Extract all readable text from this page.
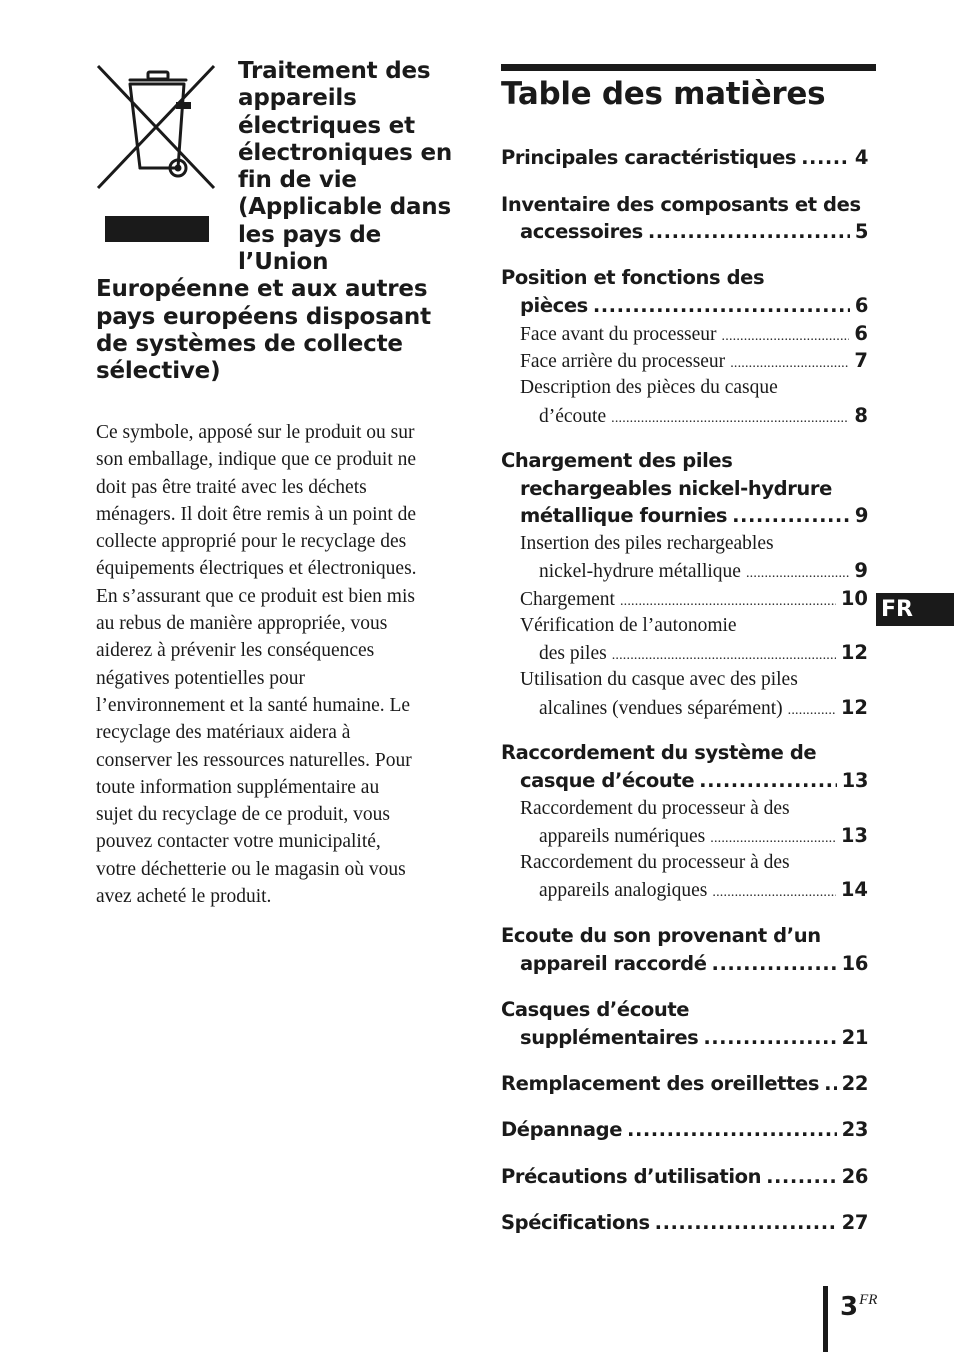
Traitement des
appareils
électriques et
électroniques en
fin de vie
(Applicable dans
les pays de
l’Union
Européenne et aux autres
pays européens disposant
de systèmes de collecte
sélective)
Ce symbole, apposé sur le produit ou sur
son emballage, indique que ce produit ne
doit pas être traité avec les déchets
ménagers. Il doit être remis à un point de
collecte approprié pour le recyclage des
équipements électriques et électroniques.
En s’assurant que ce produit est bien mis
au rebus de manière appropriée, vous
aiderez à prévenir les conséquences
négatives potentielles pour
l’environnement et la santé humaine. Le
recyclage des matériaux aidera à
conserver les ressources naturelles. Pour
toute information supplémentaire au
sujet du recyclage de ce produit, vous
pouvez contacter votre municipalité,
votre déchetterie ou le magasin où vous
avez acheté le produit.
Table des matières
Principales caractéristiques .....	4
Inventaire des composants et des
accessoires .....	5
Position et fonctions des
pièces .....	6
Face avant du processeur .....	6
Face arrière du processeur .....	7
Description des pièces du casque
d’écoute .....	8
Chargement des piles
rechargeables nickel-hydrure
métallique fournies .....	9
Insertion des piles rechargeables
nickel-hydrure métallique .....	9
Chargement .....	10
Vérification de l’autonomie
des piles .....	12
Utilisation du casque avec des piles
alcalines (vendues séparément) .....	12
Raccordement du système de
casque d’écoute .....	13
Raccordement du processeur à des
appareils numériques .....	13
Raccordement du processeur à des
appareils analogiques .....	14
Ecoute du son provenant d’un
appareil raccordé .....	16
Casques d’écoute
supplémentaires .....	21
Remplacement des oreillettes ..... 22
Dépannage .....	23
Précautions d’utilisation .....	26
Spécifications .....	27
FR
3FR
